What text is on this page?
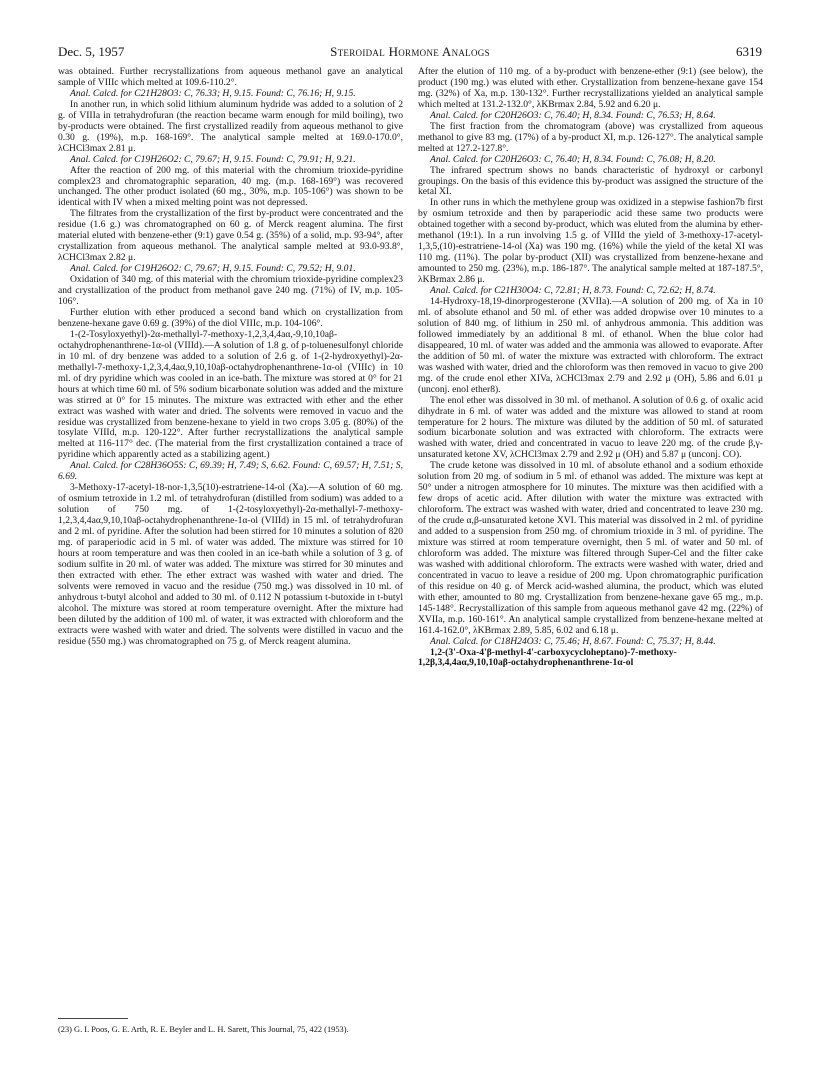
Dec. 5, 1957	Steroidal Hormone Analogs	6319

was obtained. Further recrystallizations from aqueous methanol gave an analytical sample of VIIIc which melted at 109.6-110.2°.

Anal. Calcd. for C21H28O3: C, 76.33; H, 9.15. Found: C, 76.16; H, 9.15.

In another run, in which solid lithium aluminum hydride was added to a solution of 2 g. of VIIIa in tetrahydrofuran (the reaction became warm enough for mild boiling), two by-products were obtained. The first crystallized readily from aqueous methanol to give 0.30 g. (19%), m.p. 168-169°. The analytical sample melted at 169.0-170.0°, λCHCl3max 2.81 μ.

Anal. Calcd. for C19H26O2: C, 79.67; H, 9.15. Found: C, 79.91; H, 9.21.

After the reaction of 200 mg. of this material with the chromium trioxide-pyridine complex23 and chromatographic separation, 40 mg. (m.p. 168-169°) was recovered unchanged. The other product isolated (60 mg., 30%, m.p. 105-106°) was shown to be identical with IV when a mixed melting point was not depressed.

The filtrates from the crystallization of the first by-product were concentrated and the residue (1.6 g.) was chromatographed on 60 g. of Merck reagent alumina. The first material eluted with benzene-ether (9:1) gave 0.54 g. (35%) of a solid, m.p. 93-94°, after crystallization from aqueous methanol. The analytical sample melted at 93.0-93.8°, λCHCl3max 2.82 μ.

Anal. Calcd. for C19H26O2: C, 79.67; H, 9.15. Found: C, 79.52; H, 9.01.

Oxidation of 340 mg. of this material with the chromium trioxide-pyridine complex23 and crystallization of the product from methanol gave 240 mg. (71%) of IV, m.p. 105-106°.

Further elution with ether produced a second band which on crystallization from benzene-hexane gave 0.69 g. (39%) of the diol VIIIc, m.p. 104-106°.

1-(2-Tosyloxyethyl)-2α-methallyl-7-methoxy-1,2,3,4,4aα,-9,10,10aβ-octahydrophenanthrene-1α-ol (VIIId).—A solution of 1.8 g. of p-toluenesulfonyl chloride in 10 ml. of dry benzene was added to a solution of 2.6 g. of 1-(2-hydroxyethyl)-2α-methallyl-7-methoxy-1,2,3,4,4aα,9,10,10aβ-octahydrophenanthrene-1α-ol (VIIIc) in 10 ml. of dry pyridine which was cooled in an ice-bath. The mixture was stored at 0° for 21 hours at which time 60 ml. of 5% sodium bicarbonate solution was added and the mixture was stirred at 0° for 15 minutes. The mixture was extracted with ether and the ether extract was washed with water and dried. The solvents were removed in vacuo and the residue was crystallized from benzene-hexane to yield in two crops 3.05 g. (80%) of the tosylate VIIId, m.p. 120-122°. After further recrystallizations the analytical sample melted at 116-117° dec. (The material from the first crystallization contained a trace of pyridine which apparently acted as a stabilizing agent.)

Anal. Calcd. for C28H36O5S: C, 69.39; H, 7.49; S, 6.62. Found: C, 69.57; H, 7.51; S, 6.69.

3-Methoxy-17-acetyl-18-nor-1,3,5(10)-estratriene-14-ol (Xa).—A solution of 60 mg. of osmium tetroxide in 1.2 ml. of tetrahydrofuran (distilled from sodium) was added to a solution of 750 mg. of 1-(2-tosyloxyethyl)-2α-methallyl-7-methoxy-1,2,3,4,4aα,9,10,10aβ-octahydrophenanthrene-1α-ol (VIIId) in 15 ml. of tetrahydrofuran and 2 ml. of pyridine. After the solution had been stirred for 10 minutes a solution of 820 mg. of paraperiodic acid in 5 ml. of water was added. The mixture was stirred for 10 hours at room temperature and was then cooled in an ice-bath while a solution of 3 g. of sodium sulfite in 20 ml. of water was added. The mixture was stirred for 30 minutes and then extracted with ether. The ether extract was washed with water and dried. The solvents were removed in vacuo and the residue (750 mg.) was dissolved in 10 ml. of anhydrous t-butyl alcohol and added to 30 ml. of 0.112 N potassium t-butoxide in t-butyl alcohol. The mixture was stored at room temperature overnight. After the mixture had been diluted by the addition of 100 ml. of water, it was extracted with chloroform and the extracts were washed with water and dried. The solvents were distilled in vacuo and the residue (550 mg.) was chromatographed on 75 g. of Merck reagent alumina.

After the elution of 110 mg. of a by-product with benzene-ether (9:1) (see below), the product (190 mg.) was eluted with ether. Crystallization from benzene-hexane gave 154 mg. (32%) of Xa, m.p. 130-132°. Further recrystallizations yielded an analytical sample which melted at 131.2-132.0°, λKBrmax 2.84, 5.92 and 6.20 μ.

Anal. Calcd. for C20H26O3: C, 76.40; H, 8.34. Found: C, 76.53; H, 8.64.

The first fraction from the chromatogram (above) was crystallized from aqueous methanol to give 83 mg. (17%) of a by-product XI, m.p. 126-127°. The analytical sample melted at 127.2-127.8°.

Anal. Calcd. for C20H26O3: C, 76.40; H, 8.34. Found: C, 76.08; H, 8.20.

The infrared spectrum shows no bands characteristic of hydroxyl or carbonyl groupings. On the basis of this evidence this by-product was assigned the structure of the ketal XI.

In other runs in which the methylene group was oxidized in a stepwise fashion7b first by osmium tetroxide and then by paraperiodic acid these same two products were obtained together with a second by-product, which was eluted from the alumina by ether-methanol (19:1). In a run involving 1.5 g. of VIIId the yield of 3-methoxy-17-acetyl-1,3,5,(10)-estratriene-14-ol (Xa) was 190 mg. (16%) while the yield of the ketal XI was 110 mg. (11%). The polar by-product (XII) was crystallized from benzene-hexane and amounted to 250 mg. (23%), m.p. 186-187°. The analytical sample melted at 187-187.5°, λKBrmax 2.86 μ.

Anal. Calcd. for C21H30O4: C, 72.81; H, 8.73. Found: C, 72.62; H, 8.74.

14-Hydroxy-18,19-dinorprogesterone (XVIIa).—A solution of 200 mg. of Xa in 10 ml. of absolute ethanol and 50 ml. of ether was added dropwise over 10 minutes to a solution of 840 mg. of lithium in 250 ml. of anhydrous ammonia. This addition was followed immediately by an additional 8 ml. of ethanol. When the blue color had disappeared, 10 ml. of water was added and the ammonia was allowed to evaporate. After the addition of 50 ml. of water the mixture was extracted with chloroform. The extract was washed with water, dried and the chloroform was then removed in vacuo to give 200 mg. of the crude enol ether XIVa, λCHCl3max 2.79 and 2.92 μ (OH), 5.86 and 6.01 μ (unconj. enol ether8).

The enol ether was dissolved in 30 ml. of methanol. A solution of 0.6 g. of oxalic acid dihydrate in 6 ml. of water was added and the mixture was allowed to stand at room temperature for 2 hours. The mixture was diluted by the addition of 50 ml. of saturated sodium bicarbonate solution and was extracted with chloroform. The extracts were washed with water, dried and concentrated in vacuo to leave 220 mg. of the crude β,γ-unsaturated ketone XV, λCHCl3max 2.79 and 2.92 μ (OH) and 5.87 μ (unconj. CO).

The crude ketone was dissolved in 10 ml. of absolute ethanol and a sodium ethoxide solution from 20 mg. of sodium in 5 ml. of ethanol was added. The mixture was kept at 50° under a nitrogen atmosphere for 10 minutes. The mixture was then acidified with a few drops of acetic acid. After dilution with water the mixture was extracted with chloroform. The extract was washed with water, dried and concentrated to leave 230 mg. of the crude α,β-unsaturated ketone XVI. This material was dissolved in 2 ml. of pyridine and added to a suspension from 250 mg. of chromium trioxide in 3 ml. of pyridine. The mixture was stirred at room temperature overnight, then 5 ml. of water and 50 ml. of chloroform was added. The mixture was filtered through Super-Cel and the filter cake was washed with additional chloroform. The extracts were washed with water, dried and concentrated in vacuo to leave a residue of 200 mg. Upon chromatographic purification of this residue on 40 g. of Merck acid-washed alumina, the product, which was eluted with ether, amounted to 80 mg. Crystallization from benzene-hexane gave 65 mg., m.p. 145-148°. Recrystallization of this sample from aqueous methanol gave 42 mg. (22%) of XVIIa, m.p. 160-161°. An analytical sample crystallized from benzene-hexane melted at 161.4-162.0°, λKBrmax 2.89, 5.85, 6.02 and 6.18 μ.

Anal. Calcd. for C18H24O3: C, 75.46; H, 8.67. Found: C, 75.37; H, 8.44.

1,2-(3'-Oxa-4'β-methyl-4'-carboxycycloheptano)-7-methoxy-1,2β,3,4,4aα,9,10,10aβ-octahydrophenanthrene-1α-ol

(23) G. I. Poos, G. E. Arth, R. E. Beyler and L. H. Sarett, This Journal, 75, 422 (1953).
